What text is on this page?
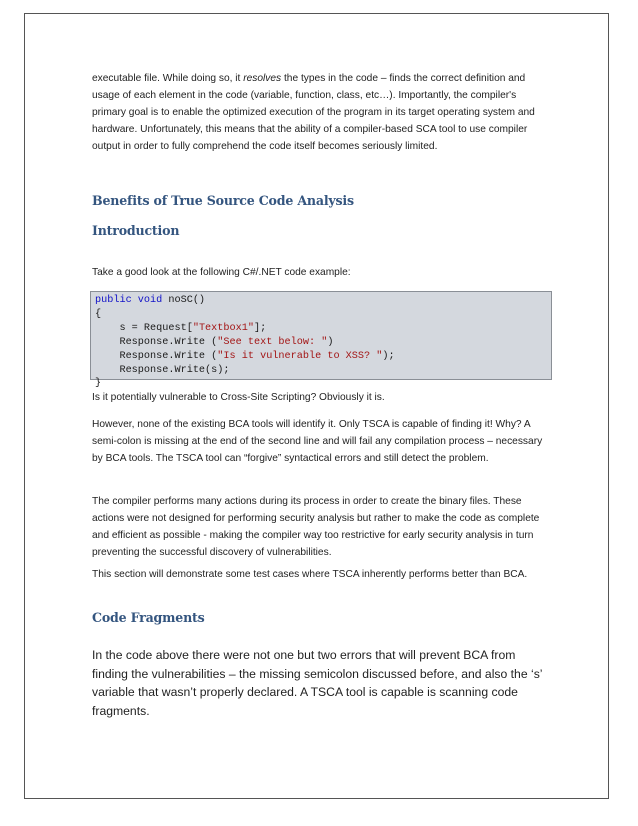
executable file. While doing so, it resolves the types in the code – finds the correct definition and usage of each element in the code (variable, function, class, etc…). Importantly, the compiler's primary goal is to enable the optimized execution of the program in its target operating system and hardware. Unfortunately, this means that the ability of a compiler-based SCA tool to use compiler output in order to fully comprehend the code itself becomes seriously limited.

Benefits of True Source Code Analysis
Introduction

Take a good look at the following C#/.NET code example:

public void noSC()
{
s = Request["Textbox1"];
Response.Write ("See text below: ")
Response.Write ("Is it vulnerable to XSS? ");
Response.Write(s);
}

Is it potentially vulnerable to Cross-Site Scripting? Obviously it is.

However, none of the existing BCA tools will identify it. Only TSCA is capable of finding it! Why? A semi-colon is missing at the end of the second line and will fail any compilation process – necessary by BCA tools. The TSCA tool can “forgive” syntactical errors and still detect the problem.

The compiler performs many actions during its process in order to create the binary files. These actions were not designed for performing security analysis but rather to make the code as complete and efficient as possible - making the compiler way too restrictive for early security analysis in turn preventing the successful discovery of vulnerabilities.

This section will demonstrate some test cases where TSCA inherently performs better than BCA.

Code Fragments

In the code above there were not one but two errors that will prevent BCA from finding the vulnerabilities – the missing semicolon discussed before, and also the ‘s’ variable that wasn’t properly declared. A TSCA tool is capable is scanning code fragments.
